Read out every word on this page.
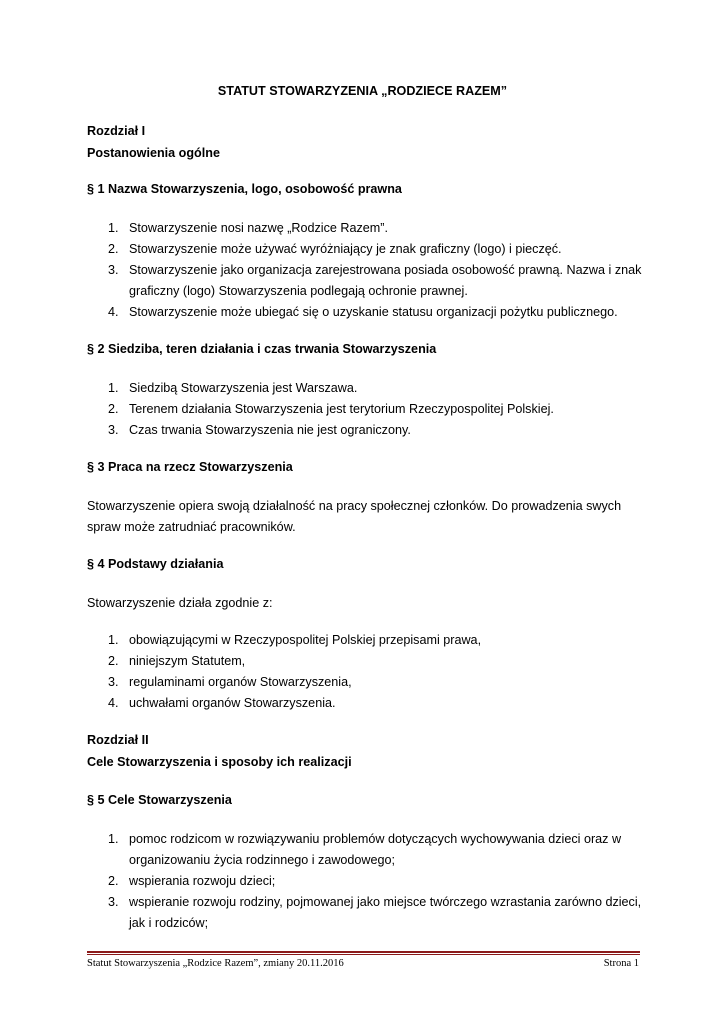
STATUT STOWARZYZENIA „RODZIECE RAZEM”
Rozdział I
Postanowienia ogólne
§ 1 Nazwa Stowarzyszenia, logo, osobowość prawna
1. Stowarzyszenie nosi nazwę „Rodzice Razem”.
2. Stowarzyszenie może używać wyróżniający je znak graficzny (logo) i pieczęć.
3. Stowarzyszenie jako organizacja zarejestrowana posiada osobowość prawną. Nazwa i znak graficzny (logo) Stowarzyszenia podlegają ochronie prawnej.
4. Stowarzyszenie może ubiegać się o uzyskanie statusu organizacji pożytku publicznego.
§ 2 Siedziba, teren działania i czas trwania Stowarzyszenia
1. Siedzibą Stowarzyszenia jest Warszawa.
2. Terenem działania Stowarzyszenia jest terytorium Rzeczypospolitej Polskiej.
3. Czas trwania Stowarzyszenia nie jest ograniczony.
§ 3 Praca na rzecz Stowarzyszenia
Stowarzyszenie opiera swoją działalność na pracy społecznej członków. Do prowadzenia swych
spraw może zatrudniać pracowników.
§ 4 Podstawy działania
Stowarzyszenie działa zgodnie z:
1. obowiązującymi w Rzeczypospolitej Polskiej przepisami prawa,
2. niniejszym Statutem,
3. regulaminami organów Stowarzyszenia,
4. uchwałami organów Stowarzyszenia.
Rozdział II
Cele Stowarzyszenia i sposoby ich realizacji
§ 5 Cele Stowarzyszenia
1. pomoc rodzicom w rozwiązywaniu problemów dotyczących wychowywania dzieci oraz w organizowaniu życia rodzinnego i zawodowego;
2. wspierania rozwoju dzieci;
3. wspieranie rozwoju rodziny, pojmowanej jako miejsce twórczego wzrastania zarówno dzieci, jak i rodziców;
Statut Stowarzyszenia „Rodzice Razem”, zmiany 20.11.2016	Strona 1
